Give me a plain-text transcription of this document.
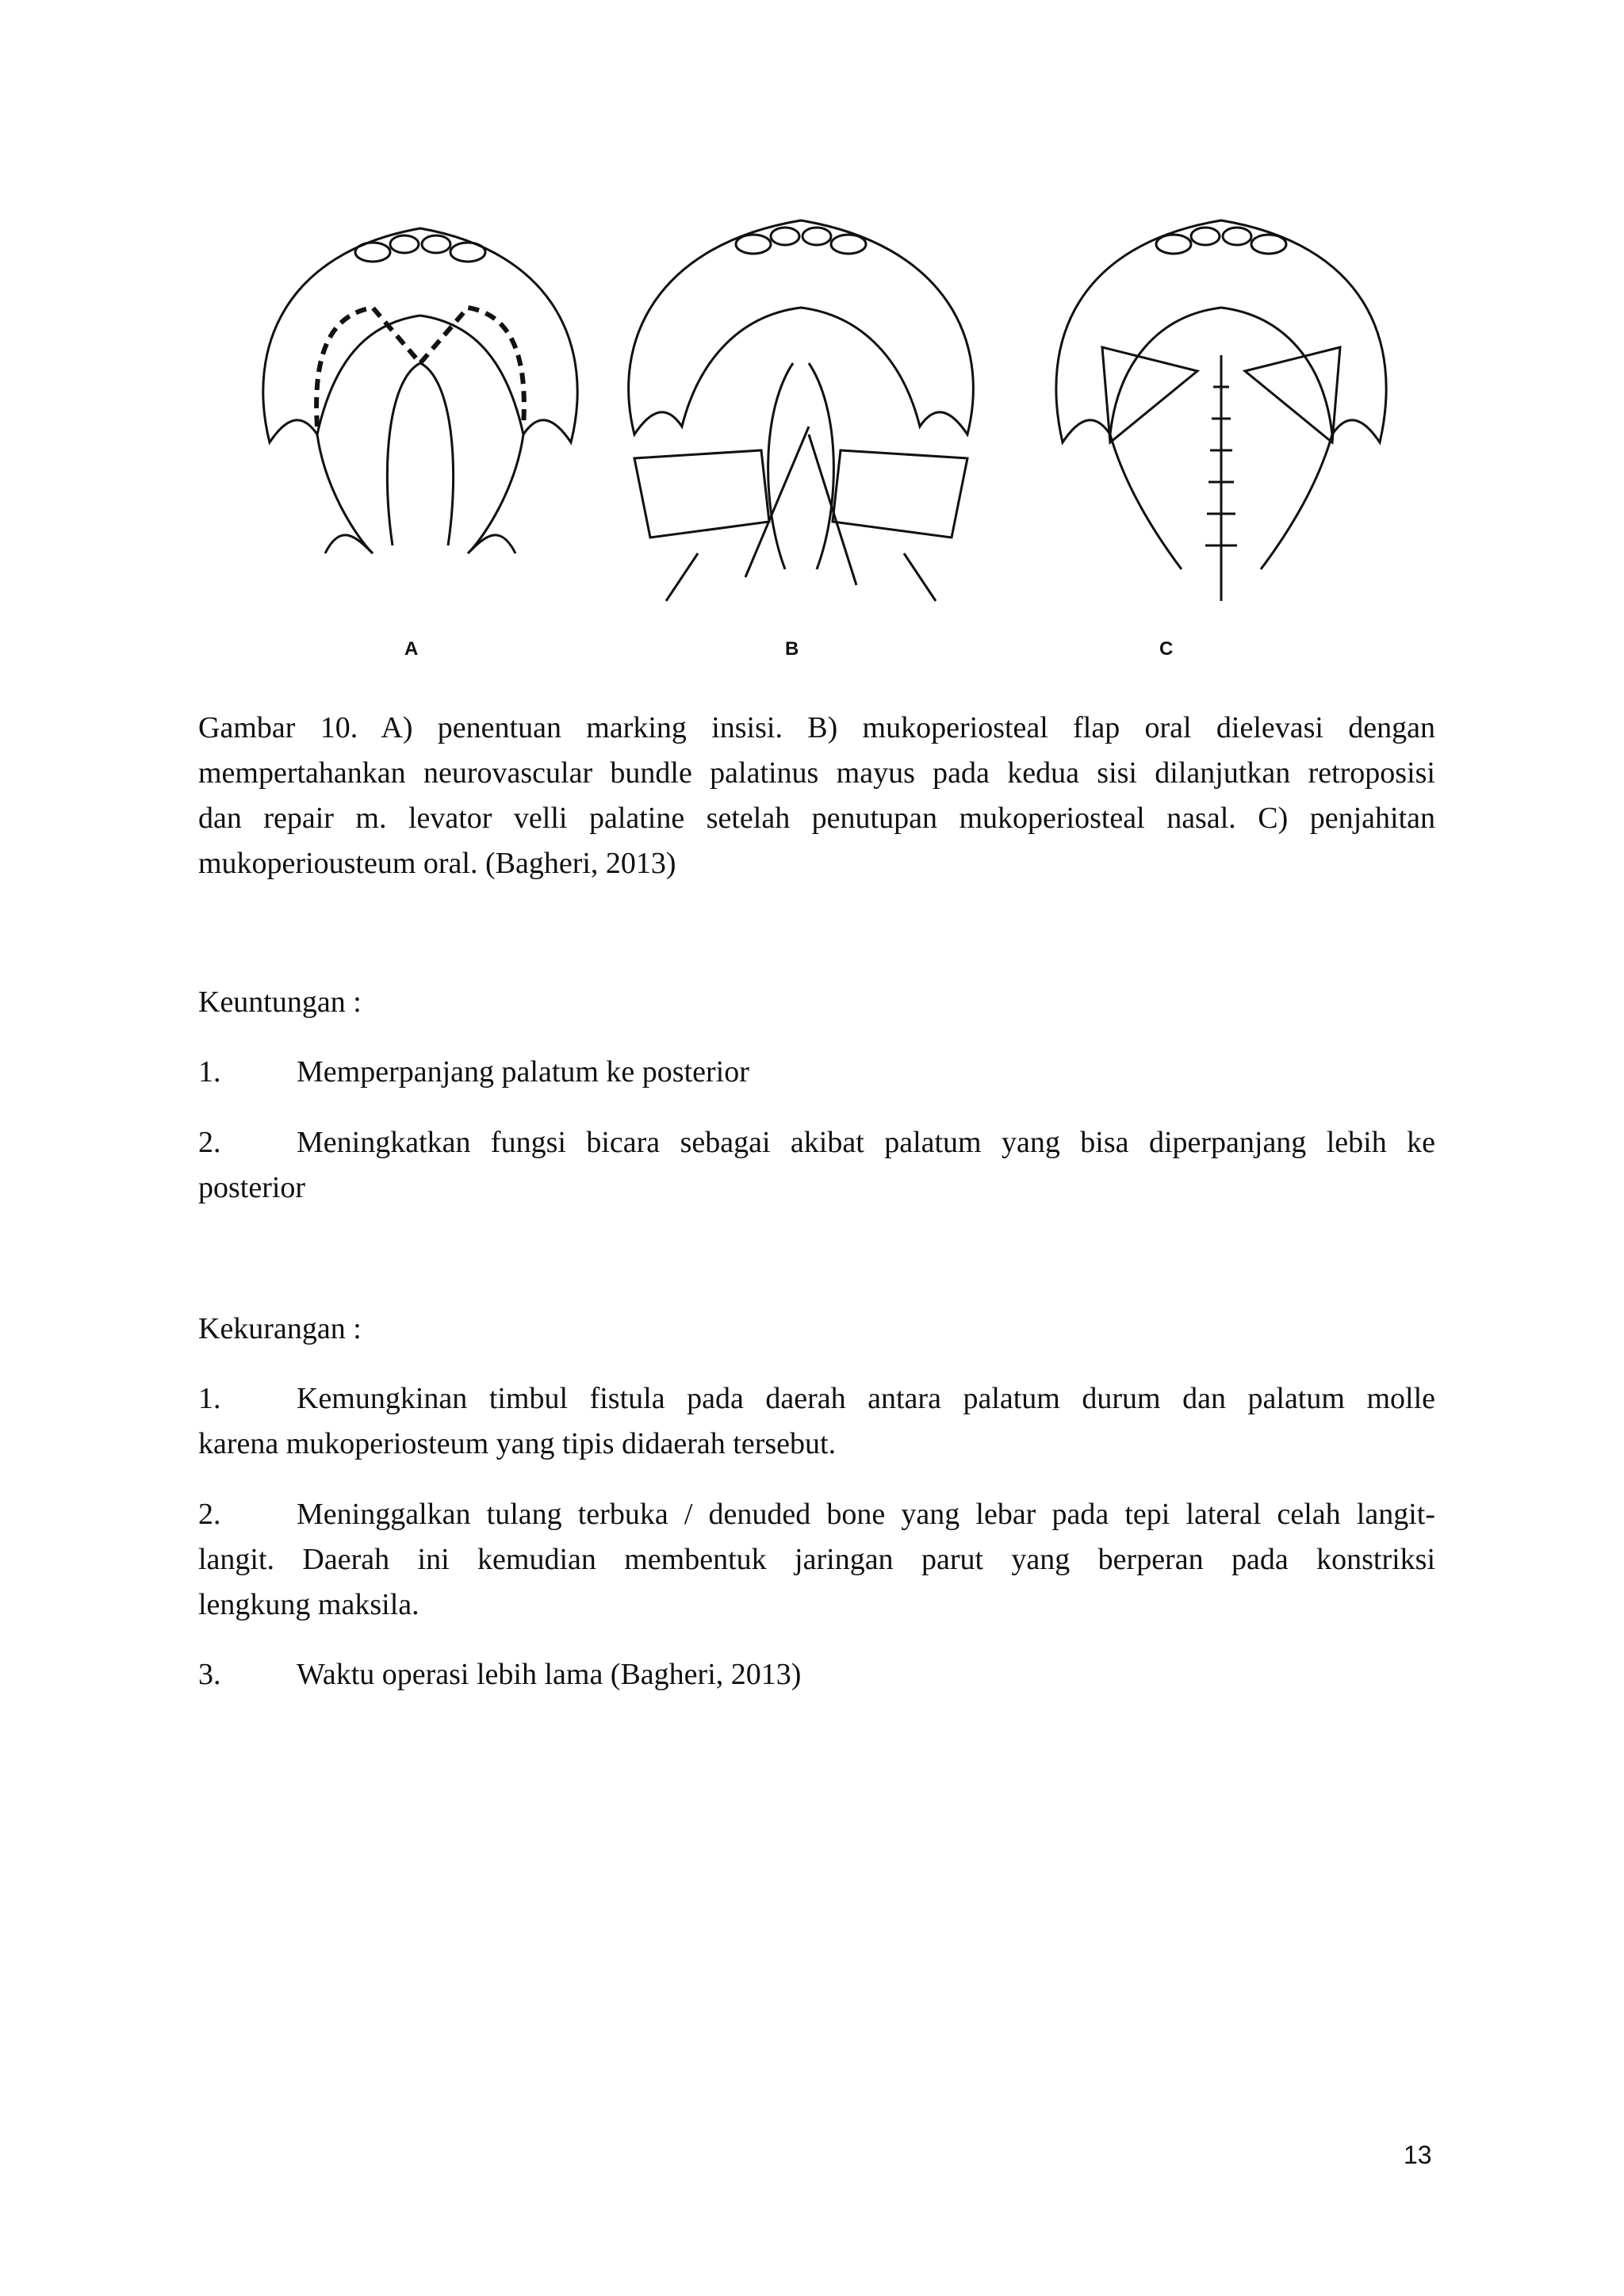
A	B	C

Gambar 10. A) penentuan marking insisi. B) mukoperiosteal flap oral dielevasi dengan

mempertahankan neurovascular bundle palatinus mayus pada kedua sisi dilanjutkan retroposisi

dan repair m. levator velli palatine setelah penutupan mukoperiosteal nasal. C) penjahitan

mukoperiousteum oral. (Bagheri, 2013)

Keuntungan :

1.	Memperpanjang palatum ke posterior

2.	Meningkatkan fungsi bicara sebagai akibat palatum yang bisa diperpanjang lebih ke

posterior

Kekurangan :

1.	Kemungkinan timbul fistula pada daerah antara palatum durum dan palatum molle

karena mukoperiosteum yang tipis didaerah tersebut.

2.	Meninggalkan tulang terbuka / denuded bone yang lebar pada tepi lateral celah langit-

langit. Daerah ini kemudian membentuk jaringan parut yang berperan pada konstriksi

lengkung maksila.

3.	Waktu operasi lebih lama (Bagheri, 2013)

13
